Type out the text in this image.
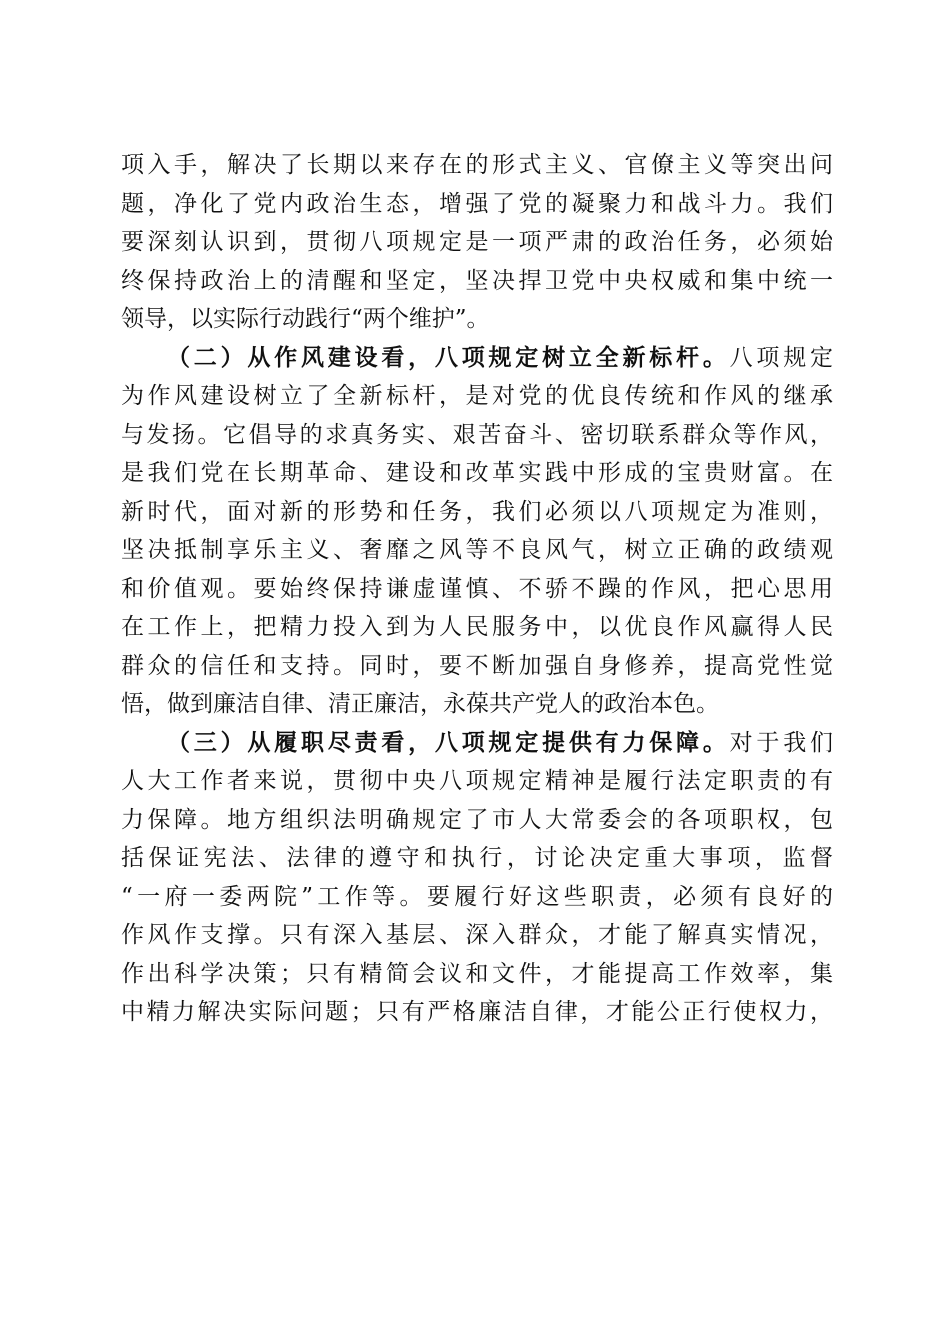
项入手，解决了长期以来存在的形式主义、官僚主义等突出问
题，净化了党内政治生态，增强了党的凝聚力和战斗力。我们
要深刻认识到，贯彻八项规定是一项严肃的政治任务，必须始
终保持政治上的清醒和坚定，坚决捍卫党中央权威和集中统一
领导，以实际行动践行“两个维护”。
（二）从作风建设看，八项规定树立全新标杆。八项规定
为作风建设树立了全新标杆，是对党的优良传统和作风的继承
与发扬。它倡导的求真务实、艰苦奋斗、密切联系群众等作风，
是我们党在长期革命、建设和改革实践中形成的宝贵财富。在
新时代，面对新的形势和任务，我们必须以八项规定为准则，
坚决抵制享乐主义、奢靡之风等不良风气，树立正确的政绩观
和价值观。要始终保持谦虚谨慎、不骄不躁的作风，把心思用
在工作上，把精力投入到为人民服务中，以优良作风赢得人民
群众的信任和支持。同时，要不断加强自身修养，提高党性觉
悟，做到廉洁自律、清正廉洁，永葆共产党人的政治本色。
（三）从履职尽责看，八项规定提供有力保障。对于我们
人大工作者来说，贯彻中央八项规定精神是履行法定职责的有
力保障。地方组织法明确规定了市人大常委会的各项职权，包
括保证宪法、法律的遵守和执行，讨论决定重大事项，监督
“一府一委两院”工作等。要履行好这些职责，必须有良好的
作风作支撑。只有深入基层、深入群众，才能了解真实情况，
作出科学决策；只有精简会议和文件，才能提高工作效率，集
中精力解决实际问题；只有严格廉洁自律，才能公正行使权力，
